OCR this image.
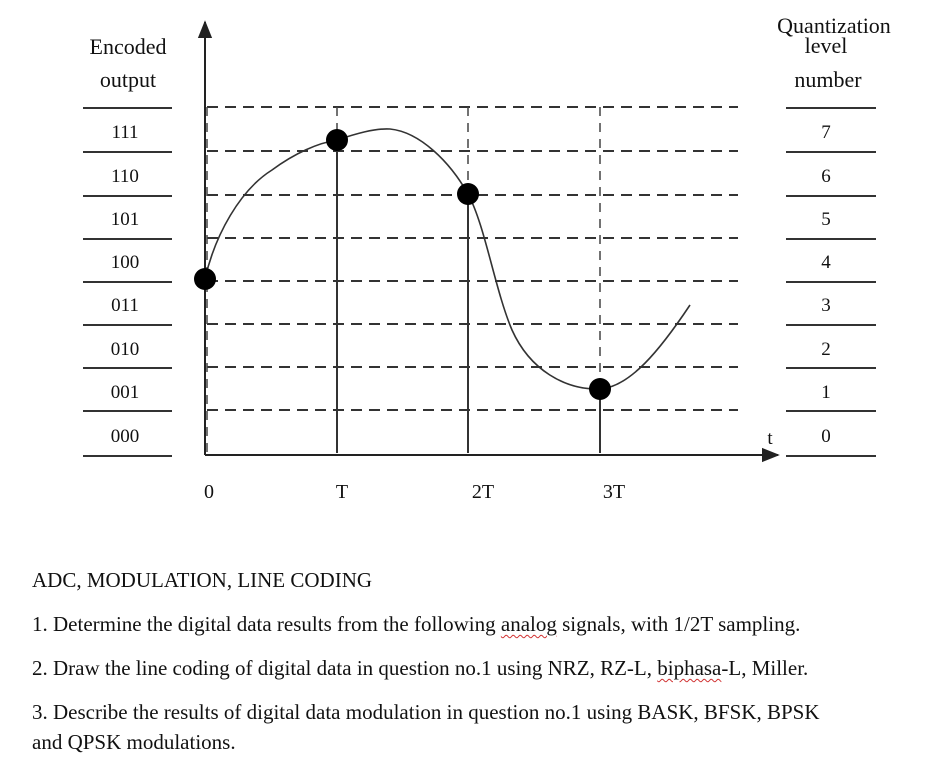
Encoded
output
Quantization
level
number
111
110
101
100
011
010
001
000
7
6
5
4
3
2
1
0
0	T	2T	3T
t

ADC, MODULATION, LINE CODING

1. Determine the digital data results from the following analog signals, with 1/2T sampling.

2. Draw the line coding of digital data in question no.1 using NRZ, RZ-L, biphasa-L, Miller.

3. Describe the results of digital data modulation in question no.1 using BASK, BFSK, BPSK
and QPSK modulations.
